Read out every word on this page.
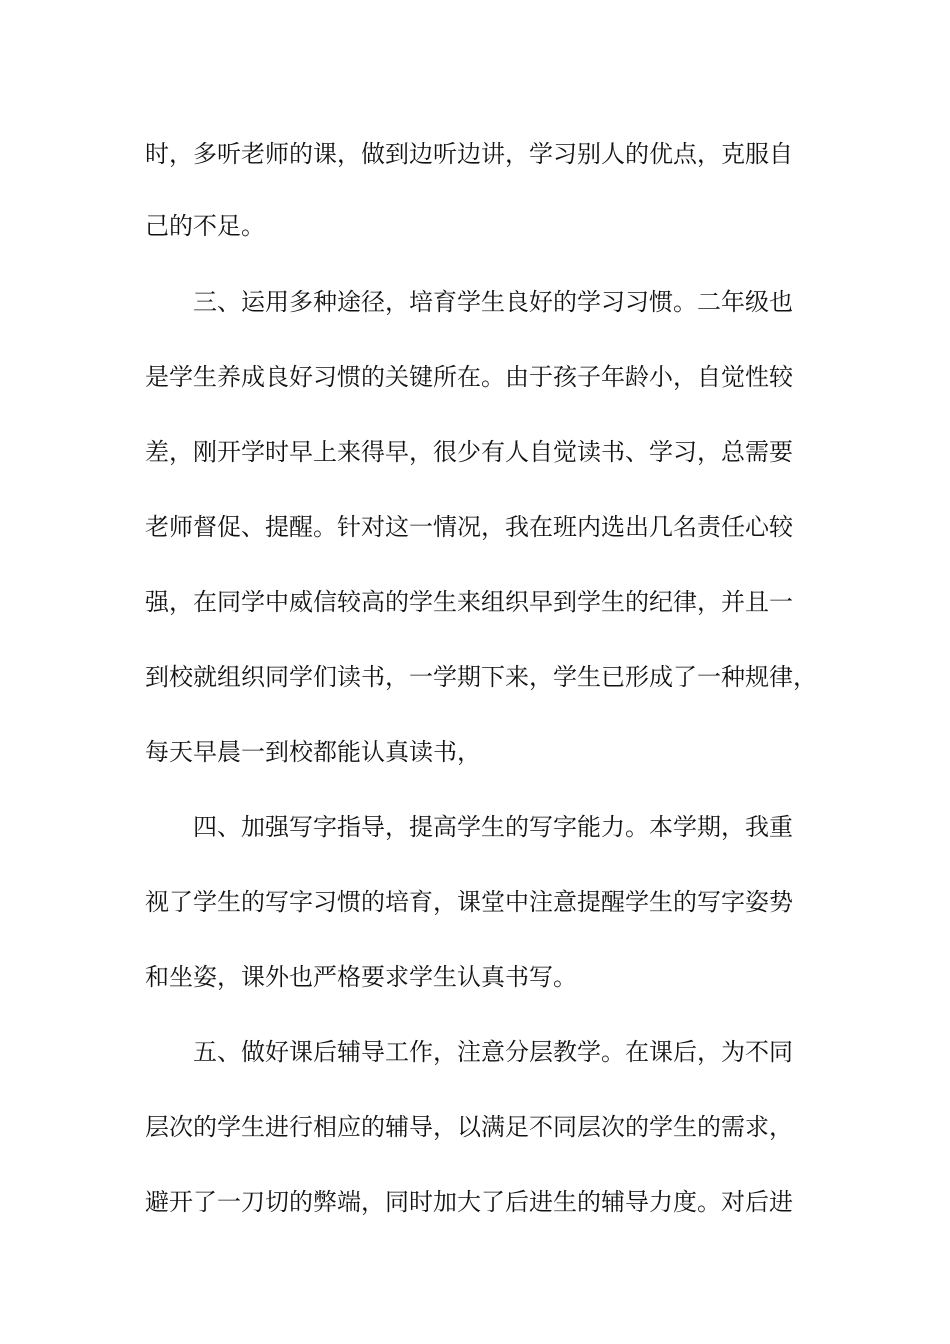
时，多听老师的课，做到边听边讲，学习别人的优点，克服自
己的不足。
三、运用多种途径，培育学生良好的学习习惯。二年级也
是学生养成良好习惯的关键所在。由于孩子年龄小，自觉性较
差，刚开学时早上来得早，很少有人自觉读书、学习，总需要
老师督促、提醒。针对这一情况，我在班内选出几名责任心较
强，在同学中威信较高的学生来组织早到学生的纪律，并且一
到校就组织同学们读书，一学期下来，学生已形成了一种规律，
每天早晨一到校都能认真读书，
四、加强写字指导，提高学生的写字能力。本学期，我重
视了学生的写字习惯的培育，课堂中注意提醒学生的写字姿势
和坐姿，课外也严格要求学生认真书写。
五、做好课后辅导工作，注意分层教学。在课后，为不同
层次的学生进行相应的辅导，以满足不同层次的学生的需求，
避开了一刀切的弊端，同时加大了后进生的辅导力度。对后进
